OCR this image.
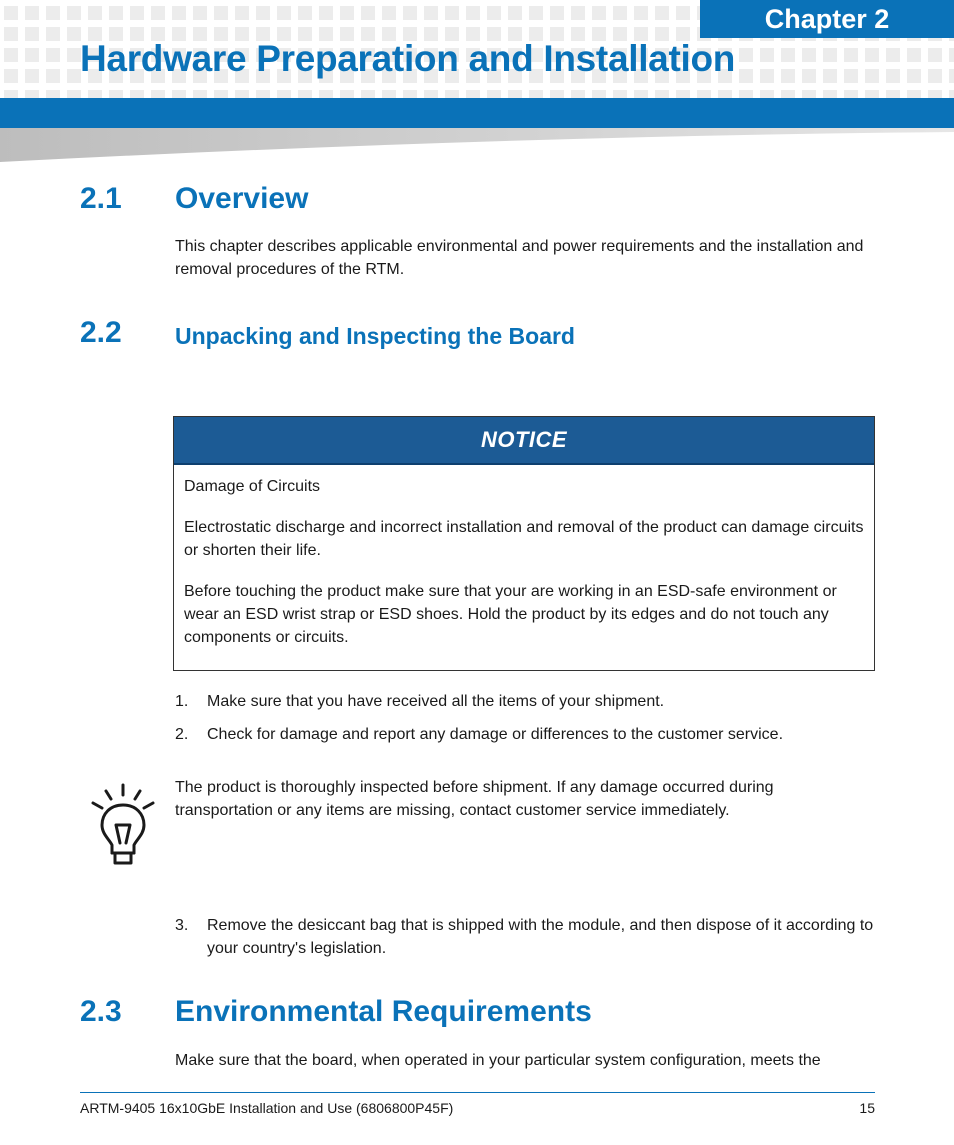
Chapter 2
Hardware Preparation and Installation
2.1 Overview
This chapter describes applicable environmental and power requirements and the installation and removal procedures of the RTM.
2.2 Unpacking and Inspecting the Board
NOTICE

Damage of Circuits

Electrostatic discharge and incorrect installation and removal of the product can damage circuits or shorten their life.

Before touching the product make sure that your are working in an ESD-safe environment or wear an ESD wrist strap or ESD shoes. Hold the product by its edges and do not touch any components or circuits.

1. Make sure that you have received all the items of your shipment.
2. Check for damage and report any damage or differences to the customer service.
The product is thoroughly inspected before shipment. If any damage occurred during transportation or any items are missing, contact customer service immediately.
3. Remove the desiccant bag that is shipped with the module, and then dispose of it according to your country's legislation.
2.3 Environmental Requirements
Make sure that the board, when operated in your particular system configuration, meets the
ARTM-9405 16x10GbE Installation and Use (6806800P45F)	15
